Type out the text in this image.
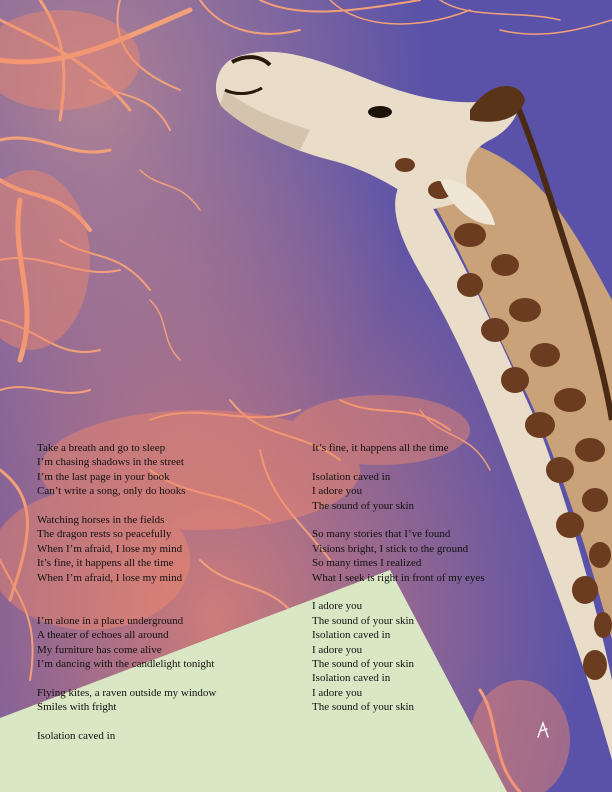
Take a breath and go to sleep
I’m chasing shadows in the street
I’m the last page in your book
Can’t write a song, only do hooks
Watching horses in the fields
The dragon rests so peacefully
When I’m afraid, I lose my mind
It’s fine, it happens all the time
When I’m afraid, I lose my mind
I’m alone in a place underground
A theater of echoes all around
My furniture has come alive
I’m dancing with the candlelight tonight
Flying kites, a raven outside my window
Smiles with fright
Isolation caved in
It’s fine, it happens all the time
Isolation caved in
I adore you
The sound of your skin
So many stories that I’ve found
Visions bright, I stick to the ground
So many times I realized
What I seek is right in front of my eyes
I adore you
The sound of your skin
Isolation caved in
I adore you
The sound of your skin
Isolation caved in
I adore you
The sound of your skin
